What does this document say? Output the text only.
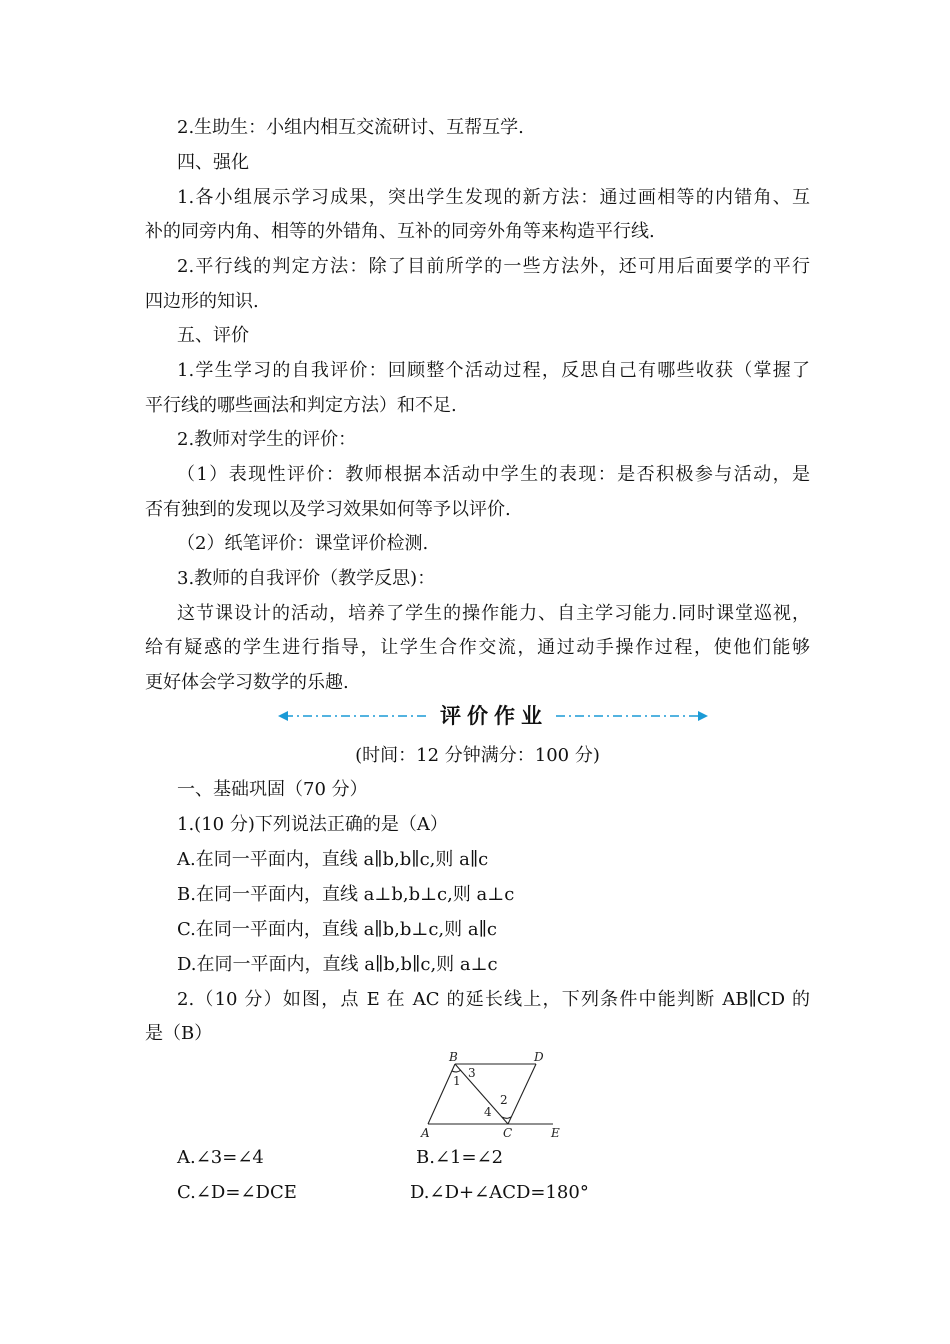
2.生助生：小组内相互交流研讨、互帮互学.
四、强化
1.各小组展示学习成果，突出学生发现的新方法：通过画相等的内错角、互
补的同旁内角、相等的外错角、互补的同旁外角等来构造平行线.
2.平行线的判定方法：除了目前所学的一些方法外，还可用后面要学的平行
四边形的知识.
五、评价
1.学生学习的自我评价：回顾整个活动过程，反思自己有哪些收获（掌握了
平行线的哪些画法和判定方法）和不足.
2.教师对学生的评价：
（1）表现性评价：教师根据本活动中学生的表现：是否积极参与活动，是
否有独到的发现以及学习效果如何等予以评价.
（2）纸笔评价：课堂评价检测.
3.教师的自我评价（教学反思)：
这节课设计的活动，培养了学生的操作能力、自主学习能力.同时课堂巡视，
给有疑惑的学生进行指导，让学生合作交流，通过动手操作过程，使他们能够
更好体会学习数学的乐趣.
评价作业
(时间：12 分钟满分：100 分)
一、基础巩固（70 分）
1.(10 分)下列说法正确的是（A）
A.在同一平面内，直线 a∥b,b∥c,则 a∥c
B.在同一平面内，直线 a⊥b,b⊥c,则 a⊥c
C.在同一平面内，直线 a∥b,b⊥c,则 a∥c
D.在同一平面内，直线 a∥b,b∥c,则 a⊥c
2.（10 分）如图，点 E 在 AC 的延长线上，下列条件中能判断 AB∥CD 的
是（B）
B	D
A	C	E
1
2
3
4
A.∠3=∠4	B.∠1=∠2
C.∠D=∠DCE	D.∠D+∠ACD=180°
